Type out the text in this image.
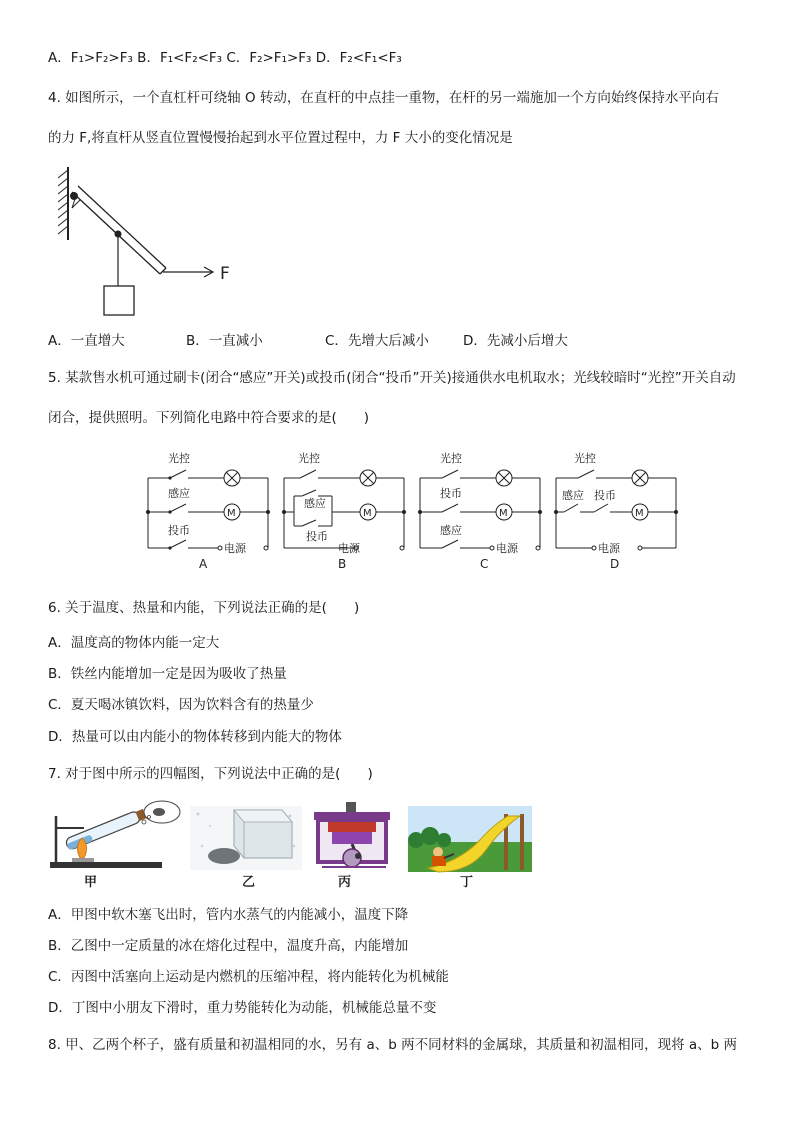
A．F₁>F₂>F₃ B．F₁<F₂<F₃ C．F₂>F₁>F₃ D．F₂<F₁<F₃
4. 如图所示，一个直杠杆可绕轴 O 转动，在直杆的中点挂一重物，在杆的另一端施加一个方向始终保持水平向右
的力 F,将直杆从竖直位置慢慢抬起到水平位置过程中，力 F 大小的变化情况是
F
A．一直增大	B．一直减小	C．先增大后减小	D．先减小后增大
5. 某款售水机可通过刷卡(闭合“感应”开关)或投币(闭合“投币”开关)接通供水电机取水；光线较暗时“光控”开关自动
闭合，提供照明。下列简化电路中符合要求的是(　　)
光控
感应
投币
M
电源
A
光控
感应
投币
M
电源
B
光控
投币
感应
M
电源
C
光控
感应 投币
M
电源
D
6. 关于温度、热量和内能，下列说法正确的是(　　)
A．温度高的物体内能一定大
B．铁丝内能增加一定是因为吸收了热量
C．夏天喝冰镇饮料，因为饮料含有的热量少
D．热量可以由内能小的物体转移到内能大的物体
7. 对于图中所示的四幅图，下列说法中正确的是(　　)
甲	乙	丙	丁
A．甲图中软木塞飞出时，管内水蒸气的内能减小，温度下降
B．乙图中一定质量的冰在熔化过程中，温度升高，内能增加
C．丙图中活塞向上运动是内燃机的压缩冲程，将内能转化为机械能
D．丁图中小朋友下滑时，重力势能转化为动能，机械能总量不变
8. 甲、乙两个杯子，盛有质量和初温相同的水，另有 a、b 两不同材料的金属球，其质量和初温相同，现将 a、b 两
